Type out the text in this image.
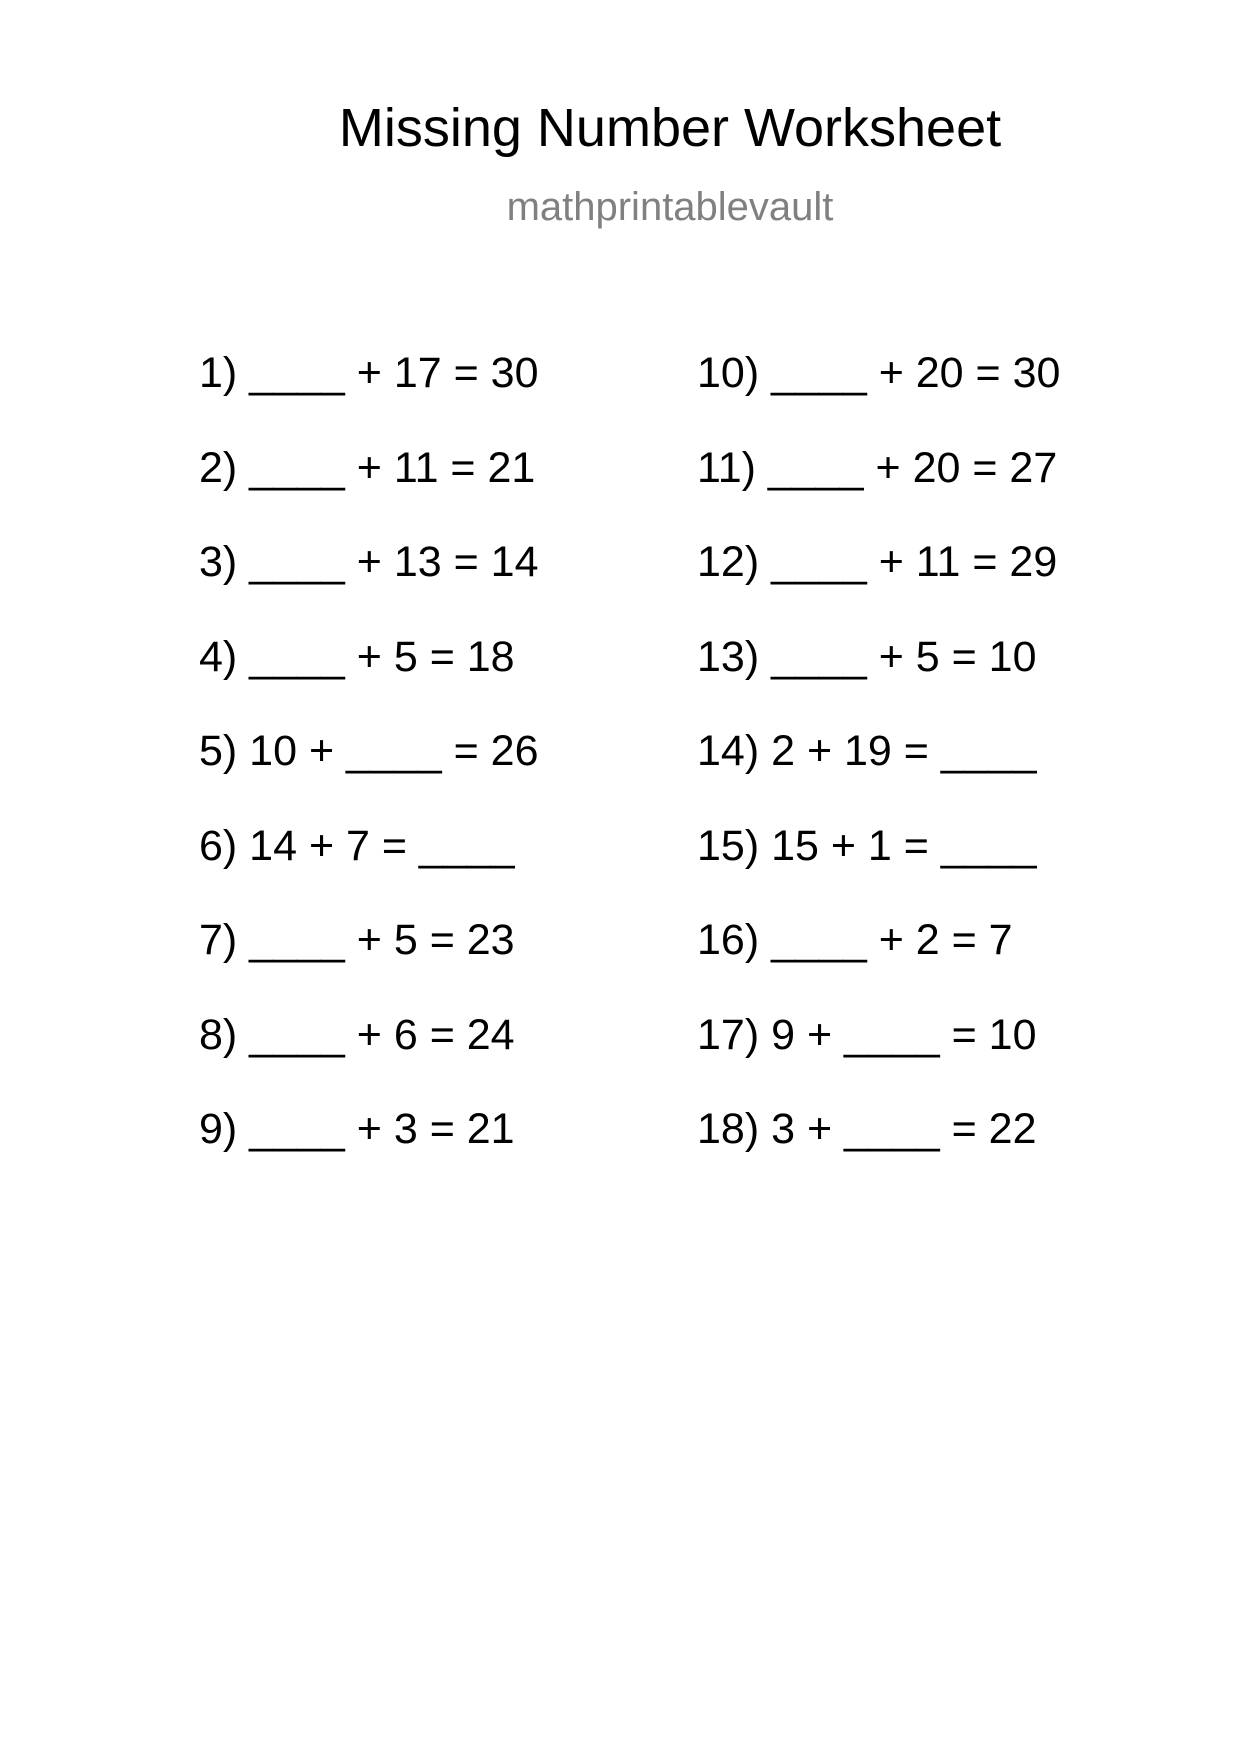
Missing Number Worksheet
mathprintablevault
1) ____ + 17 = 30
2) ____ + 11 = 21
3) ____ + 13 = 14
4) ____ + 5 = 18
5) 10 + ____ = 26
6) 14 + 7 = ____
7) ____ + 5 = 23
8) ____ + 6 = 24
9) ____ + 3 = 21
10) ____ + 20 = 30
11) ____ + 20 = 27
12) ____ + 11 = 29
13) ____ + 5 = 10
14) 2 + 19 = ____
15) 15 + 1 = ____
16) ____ + 2 = 7
17) 9 + ____ = 10
18) 3 + ____ = 22
